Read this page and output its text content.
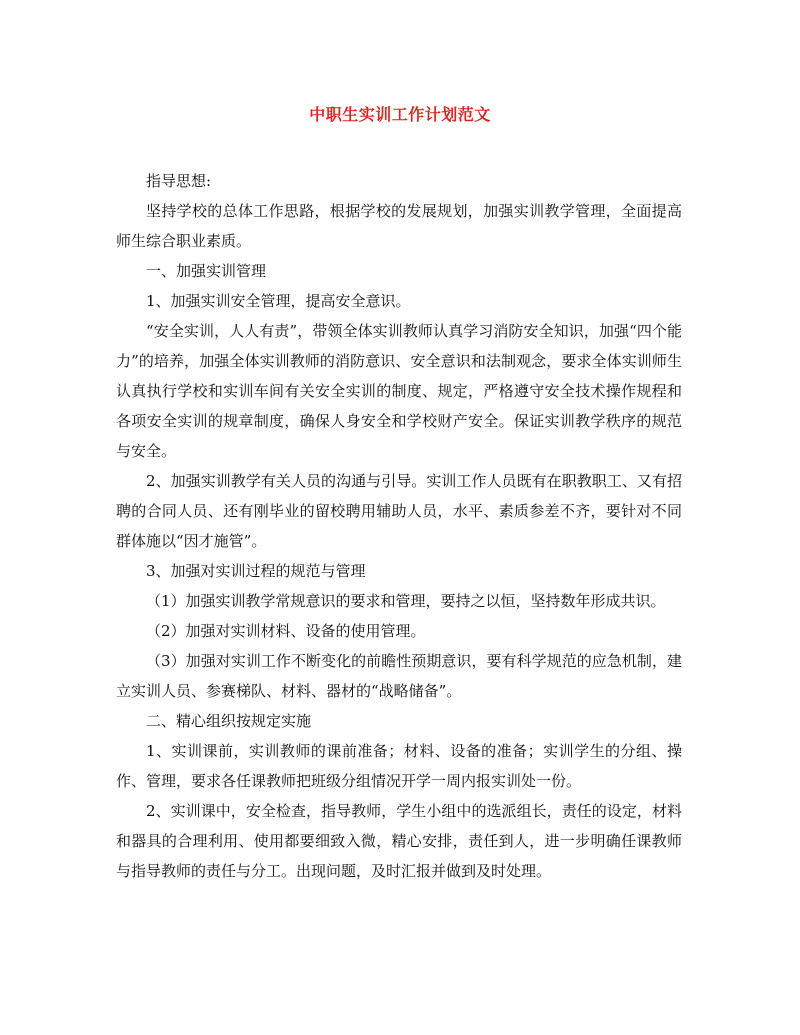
中职生实训工作计划范文

指导思想:

坚持学校的总体工作思路，根据学校的发展规划，加强实训教学管理，全面提高师生综合职业素质。

一、加强实训管理

1、加强实训安全管理，提高安全意识。

“安全实训，人人有责”，带领全体实训教师认真学习消防安全知识，加强“四个能力”的培养，加强全体实训教师的消防意识、安全意识和法制观念，要求全体实训师生认真执行学校和实训车间有关安全实训的制度、规定，严格遵守安全技术操作规程和各项安全实训的规章制度，确保人身安全和学校财产安全。保证实训教学秩序的规范与安全。

2、加强实训教学有关人员的沟通与引导。实训工作人员既有在职教职工、又有招聘的合同人员、还有刚毕业的留校聘用辅助人员，水平、素质参差不齐，要针对不同群体施以“因才施管”。

3、加强对实训过程的规范与管理

（1）加强实训教学常规意识的要求和管理，要持之以恒，坚持数年形成共识。

（2）加强对实训材料、设备的使用管理。

（3）加强对实训工作不断变化的前瞻性预期意识，要有科学规范的应急机制，建立实训人员、参赛梯队、材料、器材的“战略储备”。

二、精心组织按规定实施

1、实训课前，实训教师的课前准备；材料、设备的准备；实训学生的分组、操作、管理，要求各任课教师把班级分组情况开学一周内报实训处一份。

2、实训课中，安全检查，指导教师，学生小组中的选派组长，责任的设定，材料和器具的合理利用、使用都要细致入微，精心安排，责任到人，进一步明确任课教师与指导教师的责任与分工。出现问题，及时汇报并做到及时处理。
